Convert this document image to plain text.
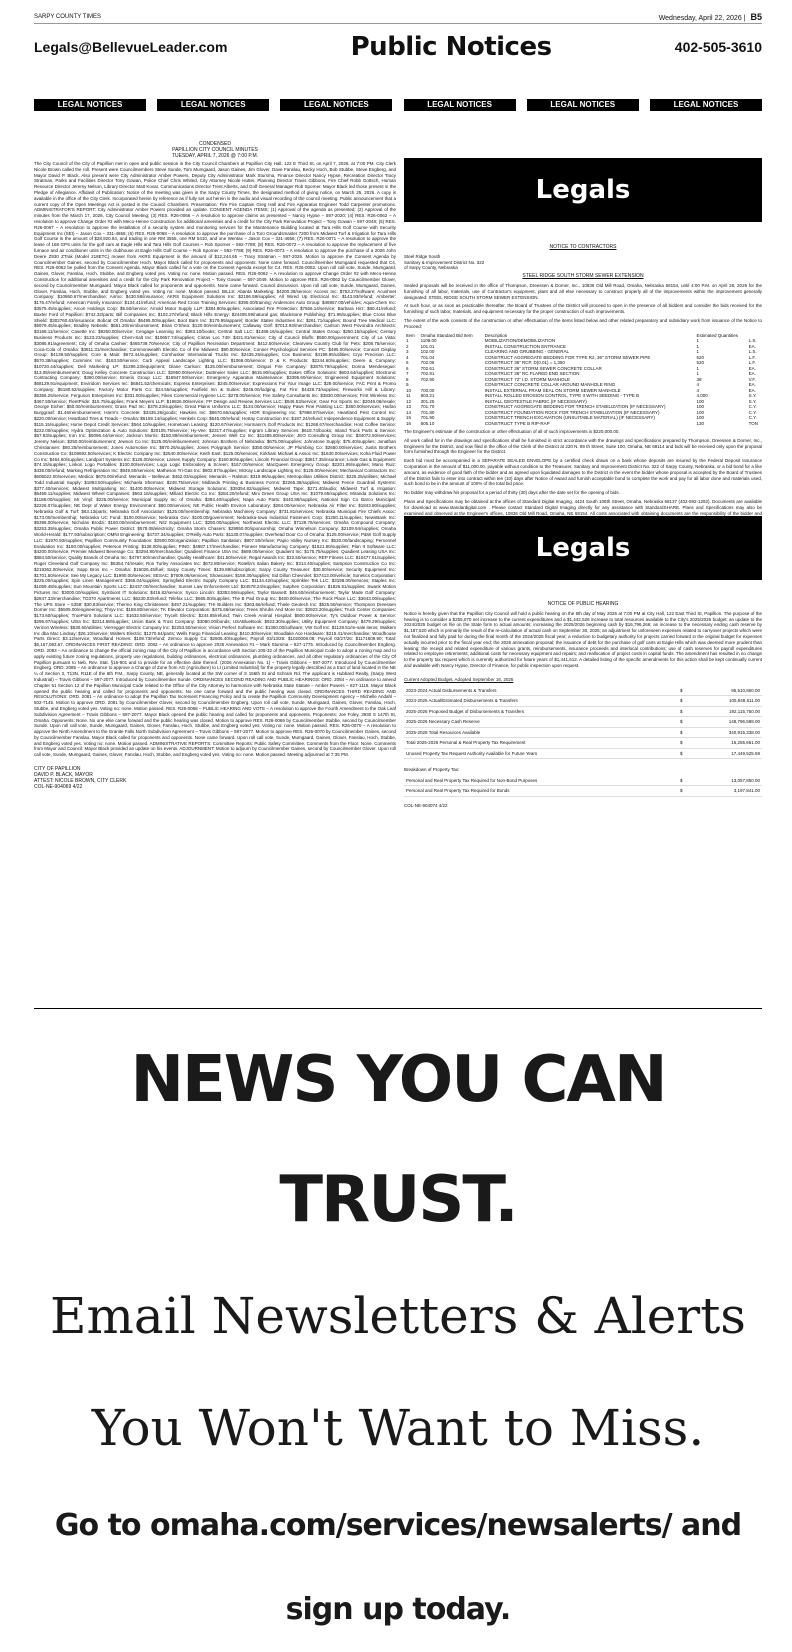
SARPY COUNTY TIMES	Wednesday, April 22, 2026 | B5
Legals@BellevueLeader.com	Public Notices	402-505-3610
LEGAL NOTICES	LEGAL NOTICES	LEGAL NOTICES	LEGAL NOTICES	LEGAL NOTICES	LEGAL NOTICES
CONDENSED
PAPILLION CITY COUNCIL MINUTES
TUESDAY, APRIL 7, 2026 @ 7:00 P.M.

The City Council of the City of Papillion met in open and public session in the City Council Chambers at Papillion City Hall, 122 E Third St, on April 7, 2026, at 7:00 PM. City Clerk Nicole Brown called the roll. Present were Councilmembers Steve Sunde, Tom Mumgaard, Jason Gaines, Jim Glover, Dave Fanslau, Becky Hoch, Bob Stubbe, Steve Engberg, and Mayor David P. Black. Also present were City Administrator Amber Powers, Deputy City Administrator Mark Stursma, Finance Director Nancy Hypse, Recreation Director Tracy Stratman, Parks and Facilities Director Tony Gowan, Police Chief Chris Whited, City Attorney Nicole Hutter, Planning Director Travis Gibbons, Fire Chief Robb Gottsch, Human Resource Director Jeremy Nelson, Library Director Matt Kovar, Communications Director Trent Alberts, and Golf General Manager Rob Sporner. Mayor Black led those present in the Pledge of Allegiance. Affidavit of Publication: Notice of the meeting was given in the Sarpy County Times, the designated method of giving notice, on March 25, 2026. A copy is available in the office of the City Clerk. Incorporated herein by reference as if fully set out herein is the audio and visual recording of the council meeting. Public announcement that a current copy of the Open Meetings Act is posted in the Council Chambers. Presentation: Fire Fire Captain Greg Hall and Fire Apparatus Engineer Todd Carpenter promotions. ADMINISTRATOR'S REPORT: City Administrator Amber Powers provided an update. CONSENT AGENDA ITEMS: (1) Approval of the agenda as presented; (2) Approval of the minutes from the March 17, 2026, City Council Meeting; (3) RES. R26-0066 – A resolution to approve claims as presented – Nancy Hypse – 597-2020; (4) RES. R26-0062 – A resolution to approve Change Order #2 with Meco-Henne Construction for additional amenities and a credit for the City Park Renovation Project – Tony Gowan – 597-2049; (5) RES. R26-0067 – A resolution to approve the installation of a security system and monitoring services for the Maintenance Building located at Tara Hills Golf Course with Security Equipment Inc (SEI) – Jason Cox – 331-4656; (6) RES. R26-0068 – A resolution to approve the purchase of a Toro Groundsmaster 7200 from Midwest Turf & Irrigation for Tara Hills Golf Course in the amount of $28,920.84, and trading in one RM 3555, one RM 5410, and one Wentax – Jason Cox – 331-4656; (7) RES. R26-0071 – A resolution to approve the lease of 168 GPS units for the golf cars at Eagle Hills and Tara Hills Golf Courses – Rob Sporner – 592-7788; (8) RES. R26-0072 – A resolution to approve the replacement of five furnace and air conditioner units in the clubhouse at Eagle Hills Golf Course – Rob Sporner – 592-7788; (9) RES. R26-0073 – A resolution to approve the purchase of a 2026 John Deere Z930 ZTrak (Model 218ETC) mower from AKRS Equipment in the amount of $12,244.65 – Tracy Stratman – 597-2026. Motion to approve the Consent Agenda by Councilmember Gaines, second by Councilmember Hoch. Mayor Black called for proponents and opponents. None came forward. Councilmember Mumgaard requested that C4, RES. R26-0062 be pulled from the Consent Agenda. Mayor Black called for a vote on the Consent Agenda except for C4. RES. R26-0062. Upon roll call vote, Sunde, Mumgaard, Gaines, Glover, Fanslau, Hoch, Stubbe, and Engberg voted yes. Voting no: none. Motion passed. RES. R26-0062 – A resolution to approve Change Order #2 with Meco-Henne Construction for additional amenities and a credit for the City Park Renovation Project – Tony Gowan – 597-2049. Motion to approve RES. R26-0062 by Councilmember Glover, second by Councilmember Mumgaard. Mayor Black called for proponents and opponents. None came forward. Council discussion. Upon roll call vote, Sunde, Mumgaard, Gaines, Glover, Fanslau, Hoch, Stubbe, and Engberg voted yes. Voting no: none. Motion passed. BILLS: Abanta Marketing: $4200.38/service; Access Inc: $753.27/software; Acushnet Company: $10860.67/merchandise; Airmo: $430.58/insurance; AKRS Equipment Solutions Inc: $2196.59/supplies; All Wired Up Electrical Inc: $143.93/refund; Amberter: $176.47/refund; American Family Insurance: $134.41/refund; American Red Cross Training Services: $395.00/training; Andersons Auto Group: $46957.00/vehicles; Aqua-Chem Inc: $3575.45/supplies; Arcon Holdings Corp: $5.50/service; Arnold Motor Supply LLP: $384.80/supplies; Associated Fire Protection: $7566.14/service; Barbara Hirz: $80.41/refund; Baxter Ford of Papillion: $742.32/parts; Bill Companies Inc: $102.27/refund; Black Hills Energy: $24408.59/natural gas; Blackstone Publishing: $71.98/supplies; Blue Cross Blue Shield: $302760.63/insurance; Bobcat Of Omaha: $6495.00/supplies; Boot Barn Inc: $179.95/apparel; Border States Industries Inc: $261.71/supplies; Bound Tree Medical LLC: $5979.45/supplies; Bradley Nebeski: $651.20/reimbursement; Brian O'Shea: $120.00/reimbursement; Callaway Golf: $7013.93/merchandise; Carlson West Povondra Architects: $3168.11/service; Casette Inc: $9250.00/service; Cengage Learning Inc: $383.10/books; Central Salt LLC: $1489.16/supplies; Central States Group: $250.15/supplies; Century Business Products Inc: $123.23/supplies; Chem-Salt Inc: $10657.74/supplies; Cintas Loc 749: $421.81/service; City of Council Bluffs: $550.00/government; City of La Vista: $3085.91/agreement; City of Omaha Cashier: $465739.70/service; City of Papillion Recreation Department: $412.50/service; Clearview Country Club for Pets: $208.75/service; Coca-Cola of Omaha: $3811.31/merchandise; Commonwealth Electric Co of the Midwest: $90.00/service; Conner Psychological Services PC: $495.00/service; Consort Display Group: $4139.50/supplies; Core & Main: $672.44/supplies; Cornhusker International Trucks Inc: $2435.25/supplies; Cox Business: $4198.95/utilities; Cryo Precision LLC: $570.38/supplies; Cummins Inc: $163.50/service; Curb Appeal Landscape Lighting LLC: $1066.00/service; D & K Products: $2244.60/supplies; Deere & Company: $10720.44/supplies; Dell Marketing LP: $1296.23/equipment; Diane Carlson: $125.00/reimbursement; Dingus Fire Company: $3876.79/supplies; Donna Mendesegue: $13.05/reimbursement; Doug Kelley Concrete Construction LLC: $2950.00/service; Duttmeier Sales LLC: $615.90/supplies; Eakes Office Solutions: $603.64/supplies; Electronic Contracting Company: $360.00/service; Emeris Group LLC: $16947.50/service; Emergency Apparatus Maintenance: $3395.60/service; Engineered Equipment Solutions: $68129.91/equipment; Enviridom Services Inc: $6841.52/chemicals; Express Enterprises: $245.00/service; Expressions For Your Image LLC: $29.00/service; FAC Print & Promo Company: $5180.52/supplies; Factory Motor Parts Co: $24.55/supplies; Fairfield Inn & Suites: $245.00/lodging; Fat Fire: $4428.73/supplies; Fireworks Hill & Library: $5356.25/service; Ferguson Enterprises Inc: $331.00/supplies; Fikes Commercial Hygiene LLC: $278.00/service; Fire Safety Consultants Inc: $3830.00/services; First Wireless Inc: $467.50/service; FleetPride: $15.75/supplies; Frank Meyers LLP: $19826.00/service; FP Design and Review Services LLC: $946.53/service; Gear For Sports Inc: $2049.06/resale; George Eicher: $50.00/reimbursement; Grass Pad Inc: $378.23/supplies; Great Plains Uniforms LLC: $134.00/service; Happy Paws Fine Painting LLC: $360.00/services; Harlan Burggraaf: $1.46/reimbursement; Harm's Concrete: $3435.26/goods; Hawkins Inc: $8670.66/supplies; HDR Engineering Inc: $7968.97/service; Heartland Pest Control Inc: $220.00/service; Heartland Tires & Treads – Omaha: $6159.14/supplies; Henkels Corp: $645.00/refund; Hotray Construction Inc: $187.24/refund; Independence Equipment & Supply: $115.15/supplies; Home Depot Credit Services: $564.10/supplies; Hometown Leasing: $120.67/service; Hormann's Golf Products Inc: $1268.67/merchandise; Host Coffee Service: $222.00/supplies; Hydra Optimization & Auto Solutions: $20105.75/service; Hy-Vee: $2317.47/supplies; Ingram Library Services: $618.74/books; Inland Truck Parts & Service: $57.83/supplies; Iron Inc: $5096.44/service; Jackson Morris: $150.89/reimbursement; Jensen Well Co Inc: $11485.80/service; JEO Consulting Group Inc: $34072.50/services; Jeremy Nelson: $250.00/reimbursement; Jewson Co Inc: $125.00/reimbursement; Johnson Brothers of Nebraska: $675.00/supplies; Johnstone Supply: $75.40/supplies; Jonathan Christiansen: $80.25/reimbursement; Jones Automotive Inc: $870.26/supplies; Jones Polygraph Service: $350.00/service; JP Plumbing Co: $2650.00/services; Justis Brothers Construction Co: $109692.50/services; K Electric Company Inc: $2540.00/service; Keith East: $125.00/services; Kirkham Michael & Assoc Inc: $1630.00/services; Koha Fluid Power Co Inc: $464.60/supplies; Landport Systems Inc: $125.00/service; Larsen Supply Company: $160.60/supplies; Lincoln Financial Group: $3817.35/insurance; Linde Gas & Equipment: $74.15/supplies; Linkon Logo Portables: $100.00/services; Logo Logic Embroidery & Screen: $167.00/service; MacQueen Emergency Group: $2201.95/supplies; Mario Ruiz: $438.00/refund; Marking Refrigeration Inc: $949.50/services; Matheson Tri-Gas Inc: $802.87/supplies; McKay Landscape Lighting Inc: $125.00/services; Mechanical Contractors Inc: $606022.00/services; Medica: $679.00/refund; Menards – Bellevue: $462.03/supplies; Menards – Ralston: $319.96/supplies; Metropolitan Utilities District: $225.25/utilities; Michael Todd Industrial Supply: $1893.50/supplies; Michaela Sherman: $248.75/service; Midlands Printing & Business Forms: $2265.38/supplies; Midwest Fence Guardrail Systems: $377.40/services; Midwest Multiparking Inc: $1400.00/service; Midwest Storage Solutions: $39354.82/supplies; Midwest Tape: $271.40/audio; Midwest Turf & Irrigation: $6469.11/supplies; Midwest Wheel Companies: $563.16/supplies; Millard Electric Co Inc: $284.20/refund; Mini Green Group USA Inc: $1079.65/supplies; Miranda Solutions Inc: $1188.00/supplies; Mr Vinyl: $225.00/service; Municipal Supply Inc of Omaha: $394.40/supplies; Napa Auto Parts: $440.88/supplies; National Sign Co Barco Municipal: $2226.07/supplies; NE Dept of Water Energy Environment: $80.00/services; NE Public Health Environ Laboratory: $284.00/service; Nebraska Air Filter Inc: $1843.80/supplies; Nebraska Golf & Turf: $63.13/parts; Nebraska Golf Association: $125.00/membership; Nebraska Machinery Company: $731.81/services; Nebraska Municipal Fire Chiefs Assoc: $173.00/membership; Nebraska UC Fund: $100.00/service; Nebraska Gov: $100.00/government; Nebraska-Iowa Industrial Fasteners Corp: $1250.11/supplies; NewsBank Inc: $5398.00/service; Nicholas Brodzi: $160.00/reimbursement; Nitz Equipment LLC: $250.00/supplies; Northeast Electric LLC: $7129.76/services; Omaha Compound Company: $3253.39/supplies; Omaha Public Power District: $578.08/electricity; Omaha Storm Chasers: $29950.00/sponsorship; Omaha Winnelson Company: $2109.94/supplies; Omaha World-Herald: $177.93/subscription; OMNI Engineering: $4737.34/supplies; O'Reilly Auto Parts: $1130.07/supplies; Overhead Door Co of Omaha: $125.00/service; P&W Golf Supply LLC: $1970.93/supplies; Papillion Community Foundation: $2500.00/organization; Papillion Sanitation: $807.50/refuse; Papio Valley Nursery Inc: $520.00/landscaping; Personnel Evaluation Inc: $160.00/supplies; Peterson Printing: $138.00/supplies; PING: $4887.17/merchandise; Pioneer Manufacturing Company: $1521.80/supplies; Plan It Software LLC: $4200.00/service; Premier Midwest Beverage Co: $3294.80/merchandise; Quadient Finance USA Inc: $689.00/service; Quadient Inc: $175.75/supplies; Quadient Leasing USA Inc: $884.50/service; Quality Brands of Omaha Inc: $4797.60/merchandise; Quality Healthcare: $41.50/service; Regal Awards Inc: $22.50/service; REP Fitness LLC: $10477.61/supplies; Roger Cleveland Golf Company Inc: $6354.74/resale; Ron Turley Associates Inc: $672.80/service; Rotella's Italian Bakery Inc: $314.40/supplies; Sampson Construction Co Inc: $219362.00/service; Sapp Bros Inc – Omaha: $16026.45/fuel; Sarpy County Times: $139.88/subscription; Sarpy County Treasurer: $30.00/service; Security Equipment Inc: $1701.50/service; See My Legacy LLC: $1990.00/services; SESAC: $7609.06/services; Showcases: $159.30/supplies; Sid Dillon Chevrolet: $37413.00/vehicle; Sonetics Corporation: $225.00/supplies; Spin Linen Management: $366.04/supplies; Springfield Electric Supply Company LLC: $1134.42/supplies; Sprinkler Tek LLC: $3198.00/services; Staples Inc: $1059.48/supplies; Sun Mountain Sports LLC: $2437.00/merchandise; Sunset Law Enforcement Ltd: $24578.24/supplies; Sutphen Corporation: $1826.51/supplies; Swank Motion Pictures Inc: $3000.00/supplies; Symbiont IT Solutions: $416.82/service; Sysco Lincoln: $3353.56/supplies; Taylor Bassett: $46.60/reimbursement; Taylor Made Golf Company: $2847.33/merchandise; TD370 Apartments LLC: $6230.03/refund; Telefax LLC: $665.00/supplies; The B Pad Group Inc: $400.00/service; The Rock Place LLC: $3643.00/supplies; The UPS Store – 5359: $30.83/service; Thermo King Christensen: $457.21/supplies; THI Builders Inc: $363.66/refund; Thiele Geotech Inc: $525.50/service; Thompson Dreessen Dorner Inc: $5505.00/engineering; Thryv Inc: $158.80/service; TK Elevator Corporation: $475.66/service; Trees Shrubs And More Inc: $2923.20/supplies; Truck Center Companies: $173.60/supplies; TruePoint Solutions LLC: $1632.50/service; Trycelt Electric: $244.85/refund; Twin Creek Animal Hospital: $500.00/service; Ty's Outdoor Power & Service: $295.97/supplies; Ultra Inc: $2214.58/supplies; Union Bank & Trust Company: $3080.00/bonds; USABlueBook: $923.30/supplies; Utility Equipment Company: $479.29/supplies; Verizon Wireless: $530.60/utilities; Vierregger Electric Company Inc: $2253.50/service; Vision Perfect Software Inc: $1360.00/software; VW Golf Inc: $1128.51/re-sale items; Walkers Inc dba Mac Lindsay: $26.10/service; Walters Electric: $1270.64/parts; Wells Fargo Financial Leasing: $410.30/service; Woodlake Ace Hardware: $215.41/merchandise; Woodhouse Parts Direct: $3.12/service; Woodland Homes: $108.73/refund; Zemco Supply Co: $2606.40/supplies; Payroll 03/13/26: $1020008.08; Payroll 03/27/26: $1171609.90; Total: $6,167,083.67. ORDINANCES FIRST READING: ORD. 2082 – An ordinance to approve 2026 Annexation #1 – Mark Stursma – 827-1775. Introduced by Councilmember Engberg. ORD. 2083 – An ordinance to change the official zoning map of the City of Papillion in accordance with Section 205-32 of the Papillion Municipal Code to adopt a zoning map and to apply existing future zoning regulations, property use regulations, building ordinances, electrical ordinances, plumbing ordinances, and all other regulatory ordinances of the City Of Papillion pursuant to Neb. Rev. Stat. §16-901 and to provide for an effective date thereof. (2026 Annexation No. 1) – Travis Gibbons – 597-2077. Introduced by Councilmember Engberg. ORD. 2085 – An ordinance to approve a Change of Zone from AG (Agriculture) to LI (Limited Industrial) for the property legally described as a tract of land located in the NE ¼ of Section 3, T13N, R11E of the 6th P.M., Sarpy County, NE, generally located at the SW corner of S 156th St and Schram Rd. The applicant is Hubbard Realty, (Sarpy West Industrial) – Travis Gibbons – 597-2077. Introduced by Councilmember Sunde. ORDINANCES SECOND READING AND PUBLIC HEARINGS: ORD. 2084 – An ordinance to amend Chapter 51 Section 12 of the Papillion Municipal Code related to the Office of the City Attorney to harmonize with Nebraska State Statute – Amber Powers – 827-1118. Mayor Black opened the public hearing and called for proponents and opponents. No one came forward and the public hearing was closed. ORDINANCES THIRD READING AND RESOLUTIONS: ORD. 2081 – An ordinance to adopt the Papillion Tax Increment Financing Policy and to create the Papillion Community Development Agency – Michelle Andahl – 502-7145. Motion to approve ORD. 2081 by Councilmember Glover, second by Councilmember Engberg. Upon roll call vote, Sunde, Mumgaard, Gaines, Glover, Fanslau, Hoch, Stubbe, and Engberg voted yes. Voting no: none. Motion passed. RES. R26-0068 – PUBLIC HEARING AND VOTE – A resolution to approve the Fourth Amendment to the Oak Leaf Subdivision Agreement – Travis Gibbons – 597-2077. Mayor Black opened the public hearing and called for proponents and opponents. Proponents: Joe Foley, 3930 S 147th St, Omaha. Opponents: None. No one else came forward and the public hearing was closed. Motion to approve RES. R26-0069 by Councilmember Stubbe, second by Councilmember Sunde. Upon roll call vote, Sunde, Mumgaard, Gaines, Glover, Fanslau, Hoch, Stubbe, and Engberg voted yes. Voting no: none. Motion passed. RES. R26-0070 – A resolution to approve the Ninth Amendment to the Granite Falls North Subdivision Agreement – Travis Gibbons – 597-2077. Motion to approve RES. R26-0070 by Councilmember Gaines, second by Councilmember Fanslau. Mayor Black called for proponents and opponents. None came forward. Upon roll call vote, Sunde, Mumgaard, Gaines, Glover, Fanslau, Hoch, Stubbe, and Engberg voted yes. Voting no: none. Motion passed. ADMINISTRATIVE REPORTS: Committee Reports: Public Safety Committee. Comments from the Floor: None. Comments from Mayor and Council: Mayor Black provided an update on his events. ADJOURNMENT: Motion to adjourn by Councilmember Gaines, second by Councilmember Glover. Upon roll call vote, Sunde, Mumgaard, Gaines, Glover, Fanslau, Hoch, Stubbe, and Engberg voted yes. Voting no: none. Motion passed. Meeting adjourned at 7:35 PM.

CITY OF PAPILLION
DAVID P. BLACK, MAYOR
ATTEST: NICOLE BROWN, CITY CLERK
COL-NE-904069 4/22
Legals
NOTICE TO CONTRACTORS
Steel Ridge South
Sanitary & Improvement District No. 322
of Sarpy County, Nebraska
STEEL RIDGE SOUTH STORM SEWER EXTENSION

Sealed proposals will be received in the office of Thompson, Dreessen & Dorner, Inc., 10836 Old Mill Road, Omaha, Nebraska 68154, until 4:00 P.M. on April 28, 2026 for the furnishing of all labor, materials, use of Contractor's equipment, plant and all else necessary to construct properly all of the improvements within the improvement generally designated: STEEL RIDGE SOUTH STORM SEWER EXTENSION.

At such hour, or as soon as practicable thereafter, the Board of Trustees of the District will proceed to open in the presence of all bidders and consider the bids received for the furnishing of such labor, materials, and equipment necessary for the proper construction of such improvements.

The extent of the work consists of the construction or other effectuation of the items listed below and other related preparatory and subsidiary work from issuance of the Notice to Proceed:

Item	Omaha Standard Bid Item	Description	Estimated Quantities	
1	1109.00	MOBILIZATION/DEMOBILIZATION	1	L.S.
2	101.01	INSTALL CONSTRUCTION ENTRANCE	1	EA.
3	102.00	CLEARING AND GRUBBING - GENERAL	1	L.S.
4	701.04	CONSTRUCT AGGREGATE BEDDING FOR TYPE R2, 36" STORM SEWER PIPE	520	L.F.
5	702.06	CONSTRUCT 36" RCP, D(0.01) = 1,350	520	L.F.
6	702.61	CONSTRUCT 36" STORM SEWER CONCRETE COLLAR	1	EA.
7	702.81	CONSTRUCT 36" RC FLARED END SECTION	1	EA.
8	702.90	CONSTRUCT 72" I.D. STORM MANHOLE	36'	V.F.
9		CONSTRUCT CONCRETE COLLAR AROUND MANHOLE RING	4	EA.
10	700.00	INSTALL EXTERNAL FRAM SEAL ON STORM SEWER MANHOLE	4	EA.
11	803.21	INSTALL ROLLED EROSION CONTROL, TYPE II WITH SEEDING - TYPE B	4,000	S.Y.
12	301.25	INSTALL GEOTEXTILE FABRIC (IF NECESSARY)	100	S.Y.
13	701.70	CONSTRUCT AGGREGATE BEDDING FOR TRENCH STABILIZATION (IF NECESSARY)	100	C.Y.
14	701.80	CONSTRUCT FOUNDATION ROCK FOR TRENCH STABILIZATION (IF NECESSARY)	100	C.Y.
15	701.90	CONSTRUCT TRENCH EXCAVATION (UNSUITABLE MATERIAL) (IF NECESSARY)	100	C.Y.
16	805.10	CONSTRUCT TYPE B RIP-RAP	130	TON

The Engineer's estimate of the construction or other effectuation of all of such improvements is $220,000.00.

All work called for in the drawings and specifications shall be furnished in strict accordance with the drawings and specifications prepared by Thompson, Dreessen & Dorner, Inc., Engineers for the District, and now filed in the office of the Clerk of the District at 220 N. 89 th Street, Suite 100, Omaha, NE 68114 and bids will be received only upon the proposal form furnished through the Engineer for the District.

Each bid must be accompanied in a SEPARATE SEALED ENVELOPE by a certified check drawn on a bank whose deposits are insured by the Federal Deposit Insurance Corporation in the amount of $11,000.00, payable without condition to the Treasurer, Sanitary and Improvement District No. 322 of Sarpy County, Nebraska, or a bid bond for a like amount, as evidence of good faith of the bidder and as agreed upon liquidated damages to the District in the event the bidder whose proposal is accepted by the Board of Trustees of the District fails to enter into contract within ten (10) days after Notice of Award and furnish acceptable bond to complete the work and pay for all labor done and materials used, such bond to be in the amount of 100% of the total bid price.

No bidder may withdraw his proposal for a period of thirty (30) days after the date set for the opening of bids.

Plans and Specifications may be obtained at the offices of Standard Digital Imaging, 4424 South 108th Street, Omaha, Nebraska 68137 (402-592-1292). Documents are available for download at www.standardigital.com . Please contact Standard Digital Imaging directly for any assistance with StandardSHARE. Plans and Specifications may also be examined and observed at the Engineer's offices, 10836 Old Mill Road, Omaha, NE 68154. All costs associated with obtaining documents are the responsibility of the bidder and

Legals
NOTICE OF PUBLIC HEARING

Notice is hereby given that the Papillion City Council will hold a public hearing on the 5th day of May 2026 at 7:00 PM at City Hall, 122 East Third St, Papillion. The purpose of the hearing is to consider a $255,070 net increase to the current expenditures and a $1,442,526 increase to total resources available to the City's 2025/2026 budget; an update to the 2024/2025 budget on file on the State form to actual amounts; increasing the 2025/2026 beginning cash by $16,796,266; an increase to the necessary ending cash reserve by $1,187,520 which is primarily the result of the re-calculation of actual cash on September 30, 2025; an adjustment for unforeseen expenses related to carryover projects which were not finalized and fully paid for during the final month of the 2024/2025 fiscal year; a reduction to budgetary authority for projects carried forward in the original budget for expenses actually incurred prior to the fiscal year end; the 2026 annexation proposal; the issuance of debt for the purchase of golf carts at Eagle Hills which was deemed more prudent than leasing; the receipt and related expenditure of various grants, reimbursements, insurance proceeds and interlocal contributions; use of cash reserves for payroll expenditures related to employee retirements; additional costs for necessary equipment and repairs; and reallocation of project costs in capital funds. The amendment has resulted in no change to the property tax request which is currently authorized for future years of $1,441,612. A detailed listing of the specific amendments for this action shall be kept continually current and available with Nancy Hypse, Director of Finance, for public inspection upon request.

Current Adopted Budget, Adopted September 16, 2025
2023-2024 Actual Disbursements & Transfers	$	95,510,850.00
2024-2025 Actual/Estimated Disbursements & Transfers	$	105,948,611.00
2025-2026 Proposed Budget of Disbursements & Transfers	$	192,115,750.00
2025-2026 Necessary Cash Reserve	$	148,796,588.00
2025-2026 Total Resources Available	$	340,915,338.00
Total 2025-2026 Personal & Real Property Tax Requirement	$	16,255,661.00
Unused Property Tax Request Authority Available for Future Years	$	17,449,525.59
Breakdown of Property Tax:
Personal and Real Property Tax Required for Non-Bond Purposes	$	13,057,850.00
Personal and Real Property Tax Required for Bonds	$	3,197,841.00
COL-NE-904074 4/22
NEWS YOU CAN TRUST.
Email Newsletters & Alerts
You Won't Want to Miss.
Go to omaha.com/services/newsalerts/ and sign up today.
